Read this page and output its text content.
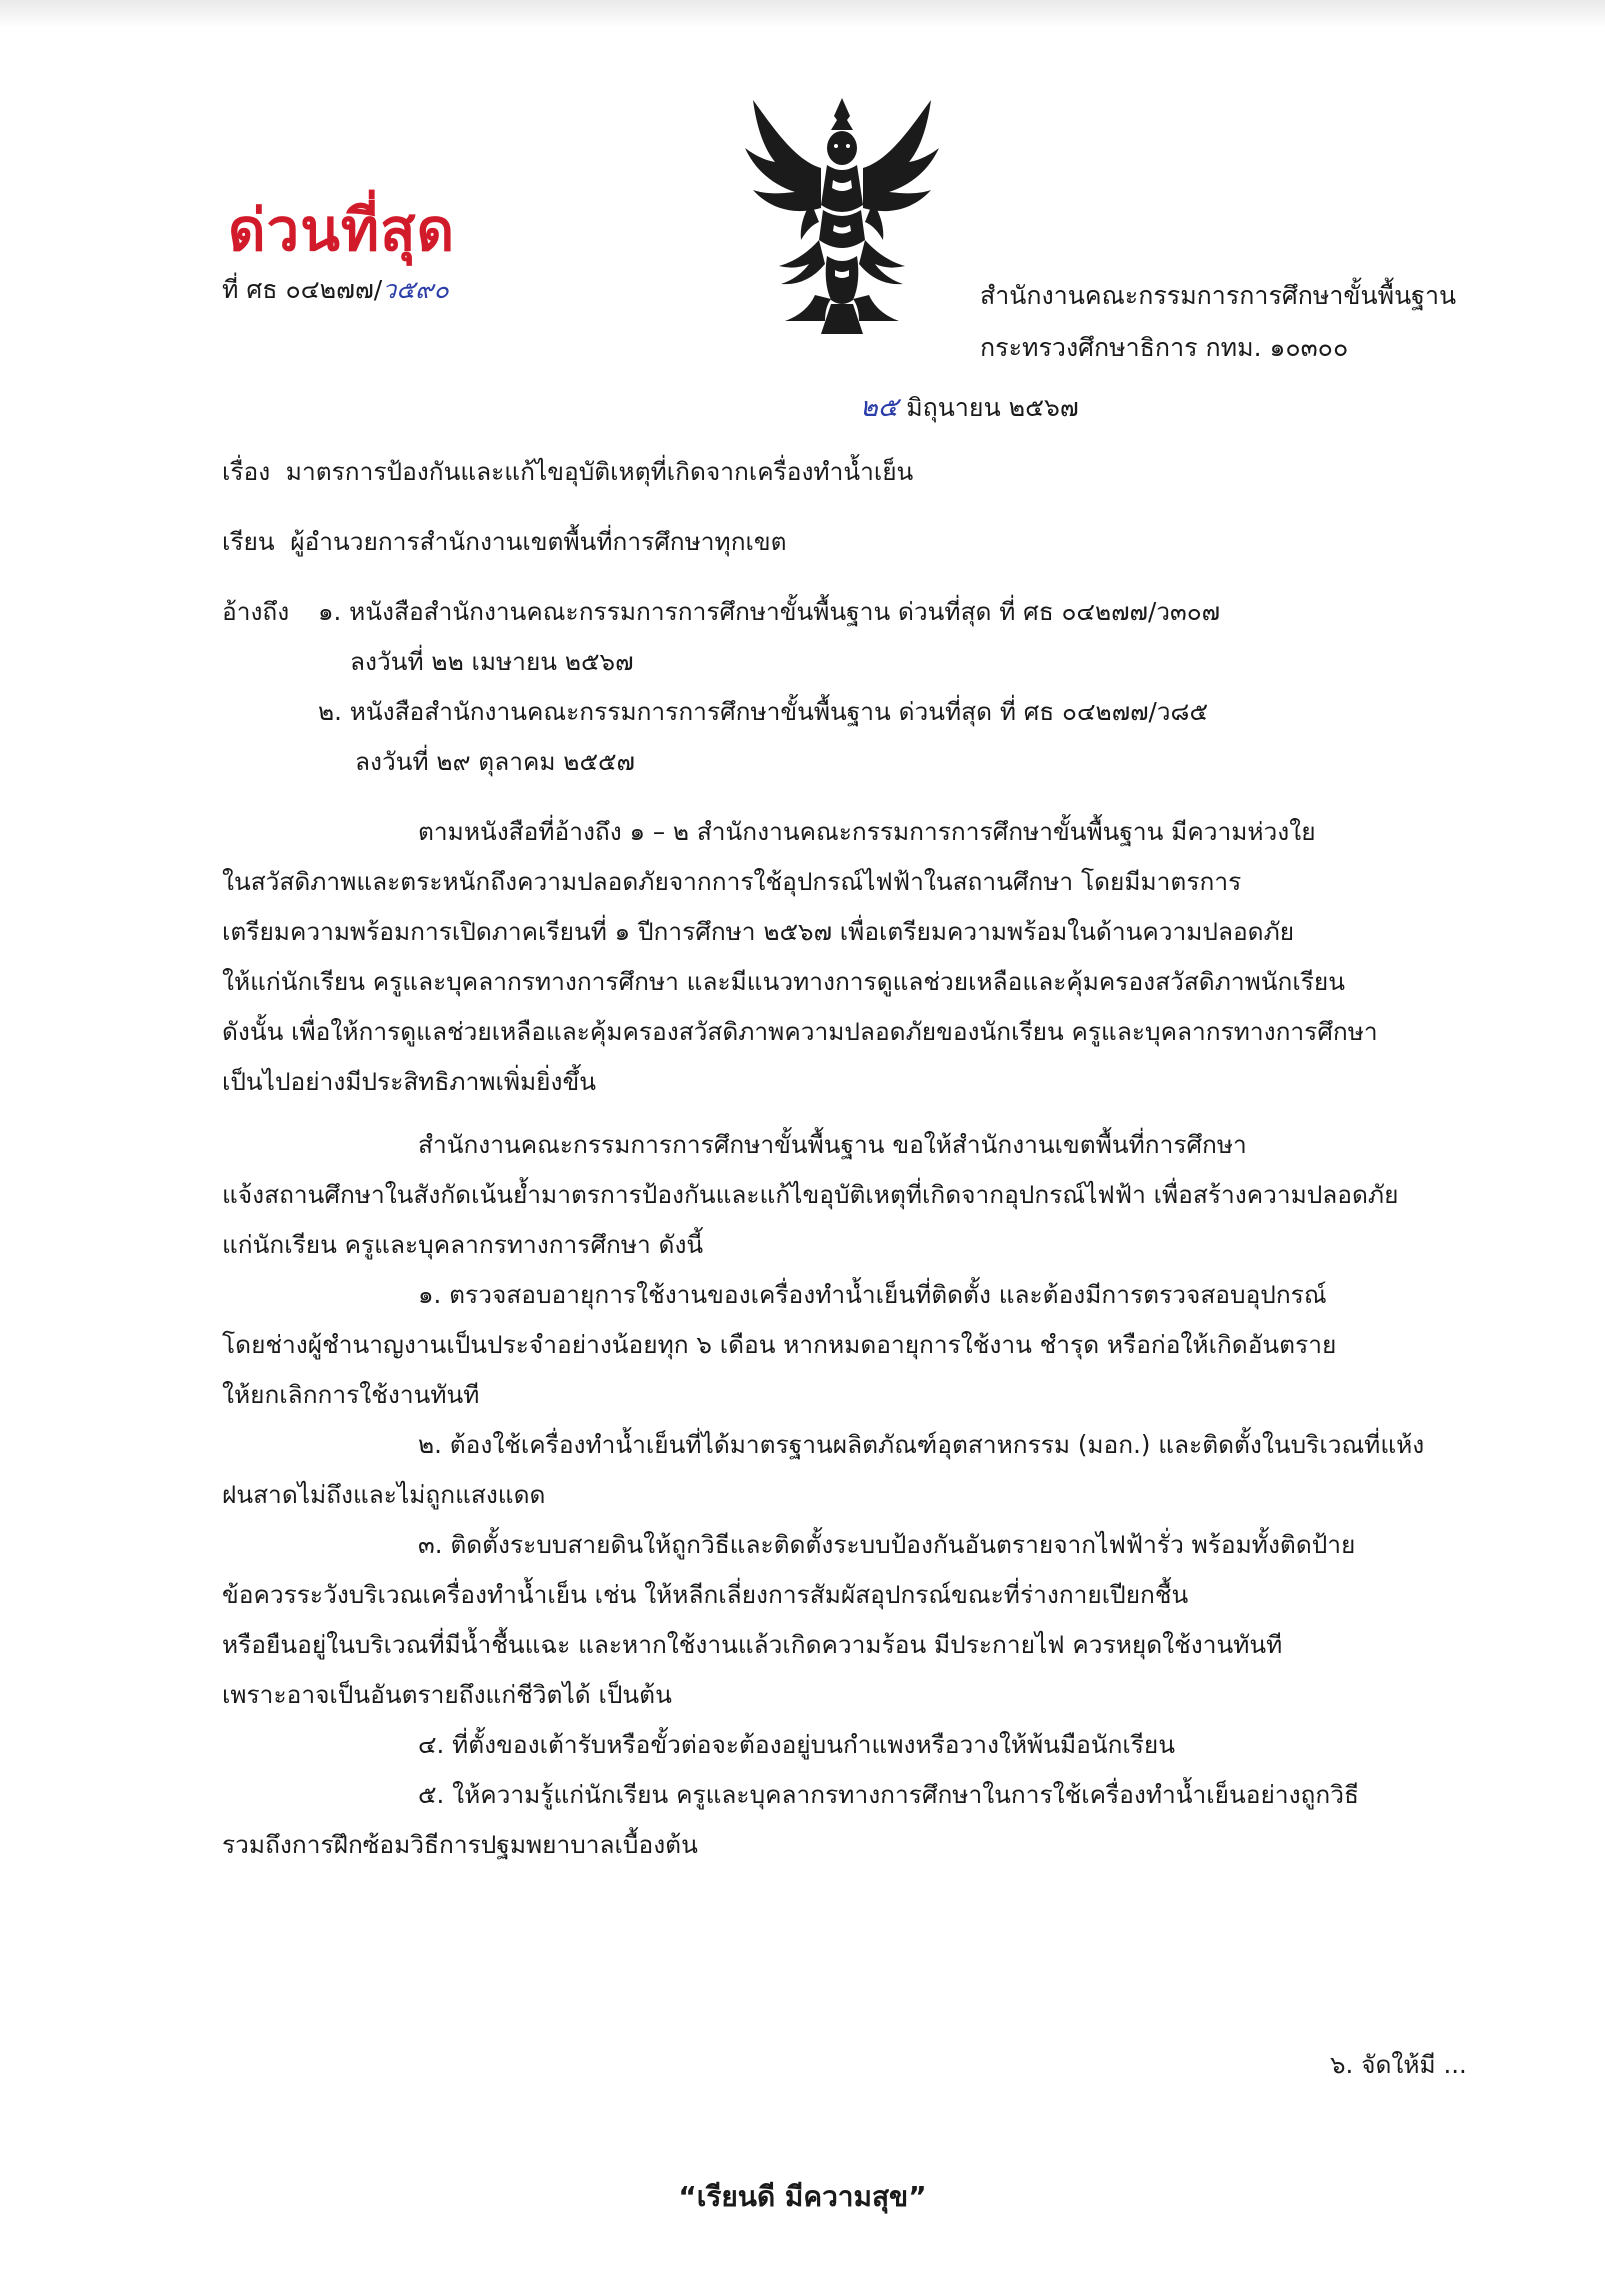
ด่วนที่สุด
ที่ ศธ ๐๔๒๗๗/ว๕๙๐	สำนักงานคณะกรรมการการศึกษาขั้นพื้นฐาน
กระทรวงศึกษาธิการ กทม. ๑๐๓๐๐
๒๕ มิถุนายน ๒๕๖๗
เรื่อง มาตรการป้องกันและแก้ไขอุบัติเหตุที่เกิดจากเครื่องทำน้ำเย็น
เรียน ผู้อำนวยการสำนักงานเขตพื้นที่การศึกษาทุกเขต
อ้างถึง ๑. หนังสือสำนักงานคณะกรรมการการศึกษาขั้นพื้นฐาน ด่วนที่สุด ที่ ศธ ๐๔๒๗๗/ว๓๐๗
ลงวันที่ ๒๒ เมษายน ๒๕๖๗
๒. หนังสือสำนักงานคณะกรรมการการศึกษาขั้นพื้นฐาน ด่วนที่สุด ที่ ศธ ๐๔๒๗๗/ว๘๕
ลงวันที่ ๒๙ ตุลาคม ๒๕๕๗
ตามหนังสือที่อ้างถึง ๑ – ๒ สำนักงานคณะกรรมการการศึกษาขั้นพื้นฐาน มีความห่วงใย
ในสวัสดิภาพและตระหนักถึงความปลอดภัยจากการใช้อุปกรณ์ไฟฟ้าในสถานศึกษา โดยมีมาตรการ
เตรียมความพร้อมการเปิดภาคเรียนที่ ๑ ปีการศึกษา ๒๕๖๗ เพื่อเตรียมความพร้อมในด้านความปลอดภัย
ให้แก่นักเรียน ครูและบุคลากรทางการศึกษา และมีแนวทางการดูแลช่วยเหลือและคุ้มครองสวัสดิภาพนักเรียน
ดังนั้น เพื่อให้การดูแลช่วยเหลือและคุ้มครองสวัสดิภาพความปลอดภัยของนักเรียน ครูและบุคลากรทางการศึกษา
เป็นไปอย่างมีประสิทธิภาพเพิ่มยิ่งขึ้น
สำนักงานคณะกรรมการการศึกษาขั้นพื้นฐาน ขอให้สำนักงานเขตพื้นที่การศึกษา
แจ้งสถานศึกษาในสังกัดเน้นย้ำมาตรการป้องกันและแก้ไขอุบัติเหตุที่เกิดจากอุปกรณ์ไฟฟ้า เพื่อสร้างความปลอดภัย
แก่นักเรียน ครูและบุคลากรทางการศึกษา ดังนี้
๑. ตรวจสอบอายุการใช้งานของเครื่องทำน้ำเย็นที่ติดตั้ง และต้องมีการตรวจสอบอุปกรณ์
โดยช่างผู้ชำนาญงานเป็นประจำอย่างน้อยทุก ๖ เดือน หากหมดอายุการใช้งาน ชำรุด หรือก่อให้เกิดอันตราย
ให้ยกเลิกการใช้งานทันที
๒. ต้องใช้เครื่องทำน้ำเย็นที่ได้มาตรฐานผลิตภัณฑ์อุตสาหกรรม (มอก.) และติดตั้งในบริเวณที่แห้ง
ฝนสาดไม่ถึงและไม่ถูกแสงแดด
๓. ติดตั้งระบบสายดินให้ถูกวิธีและติดตั้งระบบป้องกันอันตรายจากไฟฟ้ารั่ว พร้อมทั้งติดป้าย
ข้อควรระวังบริเวณเครื่องทำน้ำเย็น เช่น ให้หลีกเลี่ยงการสัมผัสอุปกรณ์ขณะที่ร่างกายเปียกชื้น
หรือยืนอยู่ในบริเวณที่มีน้ำชื้นแฉะ และหากใช้งานแล้วเกิดความร้อน มีประกายไฟ ควรหยุดใช้งานทันที
เพราะอาจเป็นอันตรายถึงแก่ชีวิตได้ เป็นต้น
๔. ที่ตั้งของเต้ารับหรือขั้วต่อจะต้องอยู่บนกำแพงหรือวางให้พ้นมือนักเรียน
๕. ให้ความรู้แก่นักเรียน ครูและบุคลากรทางการศึกษาในการใช้เครื่องทำน้ำเย็นอย่างถูกวิธี
รวมถึงการฝึกซ้อมวิธีการปฐมพยาบาลเบื้องต้น
๖. จัดให้มี ...
“เรียนดี มีความสุข”
